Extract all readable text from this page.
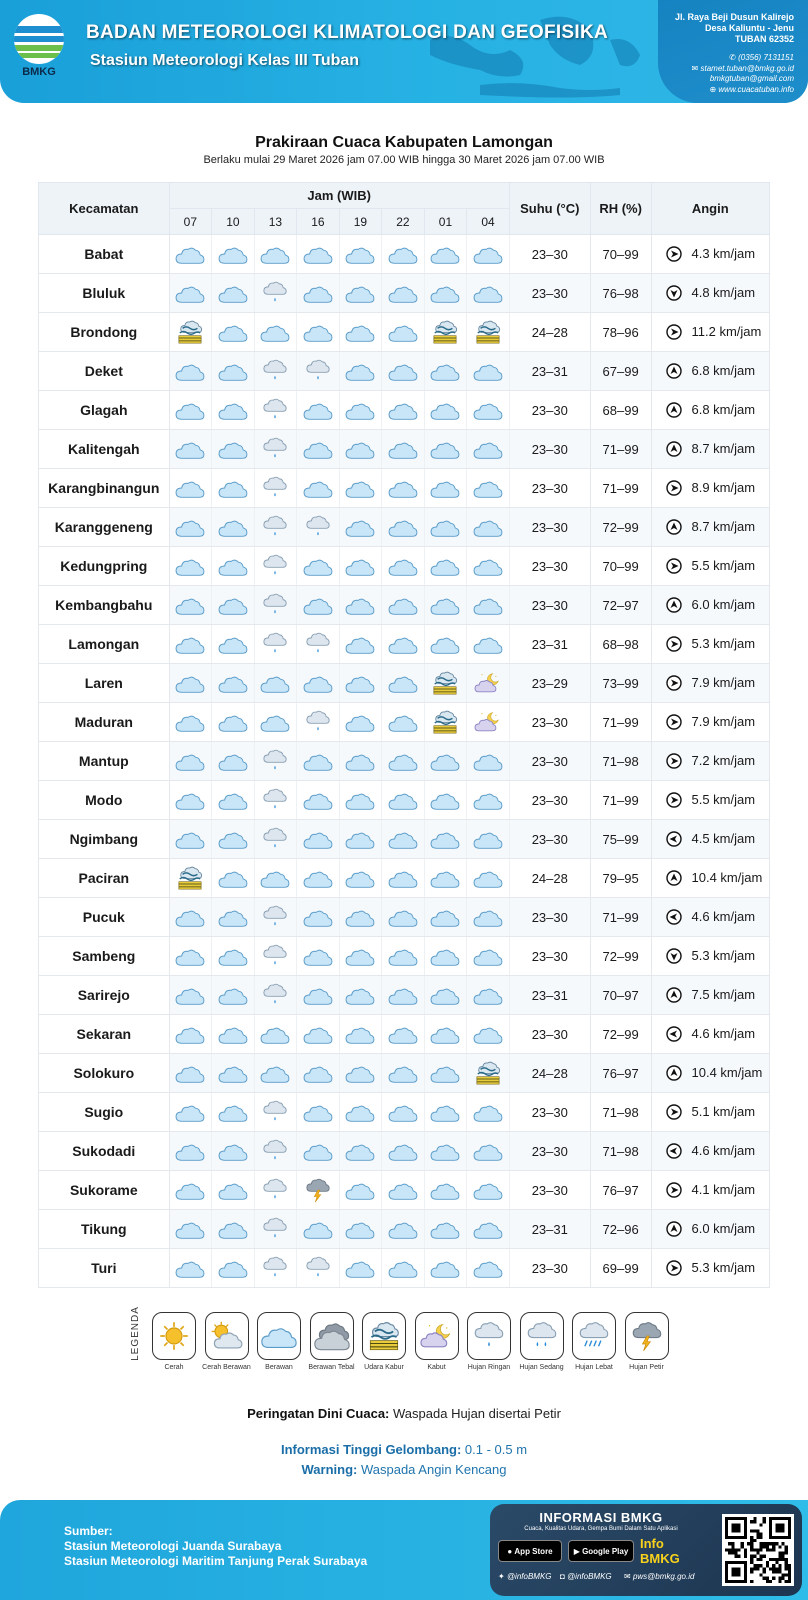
BMKG
BADAN METEOROLOGI KLIMATOLOGI DAN GEOFISIKA
Stasiun Meteorologi Kelas III Tuban
Jl. Raya Beji Dusun Kalirejo
Desa Kaliuntu - Jenu
TUBAN 62352
✆ (0356) 7131151
✉ stamet.tuban@bmkg.go.id
bmkgtuban@gmail.com
⊕ www.cuacatuban.info
Prakiraan Cuaca Kabupaten Lamongan
Berlaku mulai 29 Maret 2026 jam 07.00 WIB hingga 30 Maret 2026 jam 07.00 WIB
Kecamatan	Jam (WIB)								Suhu (°C)	RH (%)	Angin
	07	10	13	16	19	22	01	04			
Babat									23–30	70–99	4.3 km/jam
Bluluk									23–30	76–98	4.8 km/jam
Brondong									24–28	78–96	11.2 km/jam
Deket									23–31	67–99	6.8 km/jam
Glagah									23–30	68–99	6.8 km/jam
Kalitengah									23–30	71–99	8.7 km/jam
Karangbinangun									23–30	71–99	8.9 km/jam
Karanggeneng									23–30	72–99	8.7 km/jam
Kedungpring									23–30	70–99	5.5 km/jam
Kembangbahu									23–30	72–97	6.0 km/jam
Lamongan									23–31	68–98	5.3 km/jam
Laren									23–29	73–99	7.9 km/jam
Maduran									23–30	71–99	7.9 km/jam
Mantup									23–30	71–98	7.2 km/jam
Modo									23–30	71–99	5.5 km/jam
Ngimbang									23–30	75–99	4.5 km/jam
Paciran									24–28	79–95	10.4 km/jam
Pucuk									23–30	71–99	4.6 km/jam
Sambeng									23–30	72–99	5.3 km/jam
Sarirejo									23–31	70–97	7.5 km/jam
Sekaran									23–30	72–99	4.6 km/jam
Solokuro									24–28	76–97	10.4 km/jam
Sugio									23–30	71–98	5.1 km/jam
Sukodadi									23–30	71–98	4.6 km/jam
Sukorame									23–30	76–97	4.1 km/jam
Tikung									23–31	72–96	6.0 km/jam
Turi									23–30	69–99	5.3 km/jam
LEGENDA
Cerah	Cerah Berawan	Berawan	Berawan Tebal	Udara Kabur	Kabut	Hujan Ringan	Hujan Sedang	Hujan Lebat	Hujan Petir
Peringatan Dini Cuaca: Waspada Hujan disertai Petir
Informasi Tinggi Gelombang: 0.1 - 0.5 m
Warning: Waspada Angin Kencang
Sumber:
Stasiun Meteorologi Juanda Surabaya
Stasiun Meteorologi Maritim Tanjung Perak Surabaya
INFORMASI BMKG
Cuaca, Kualitas Udara, Gempa Bumi Dalam Satu Aplikasi
● App Store	▶ Google Play Info BMKG
✦ @infoBMKG ◘ @infoBMKG ✉ pws@bmkg.go.id
